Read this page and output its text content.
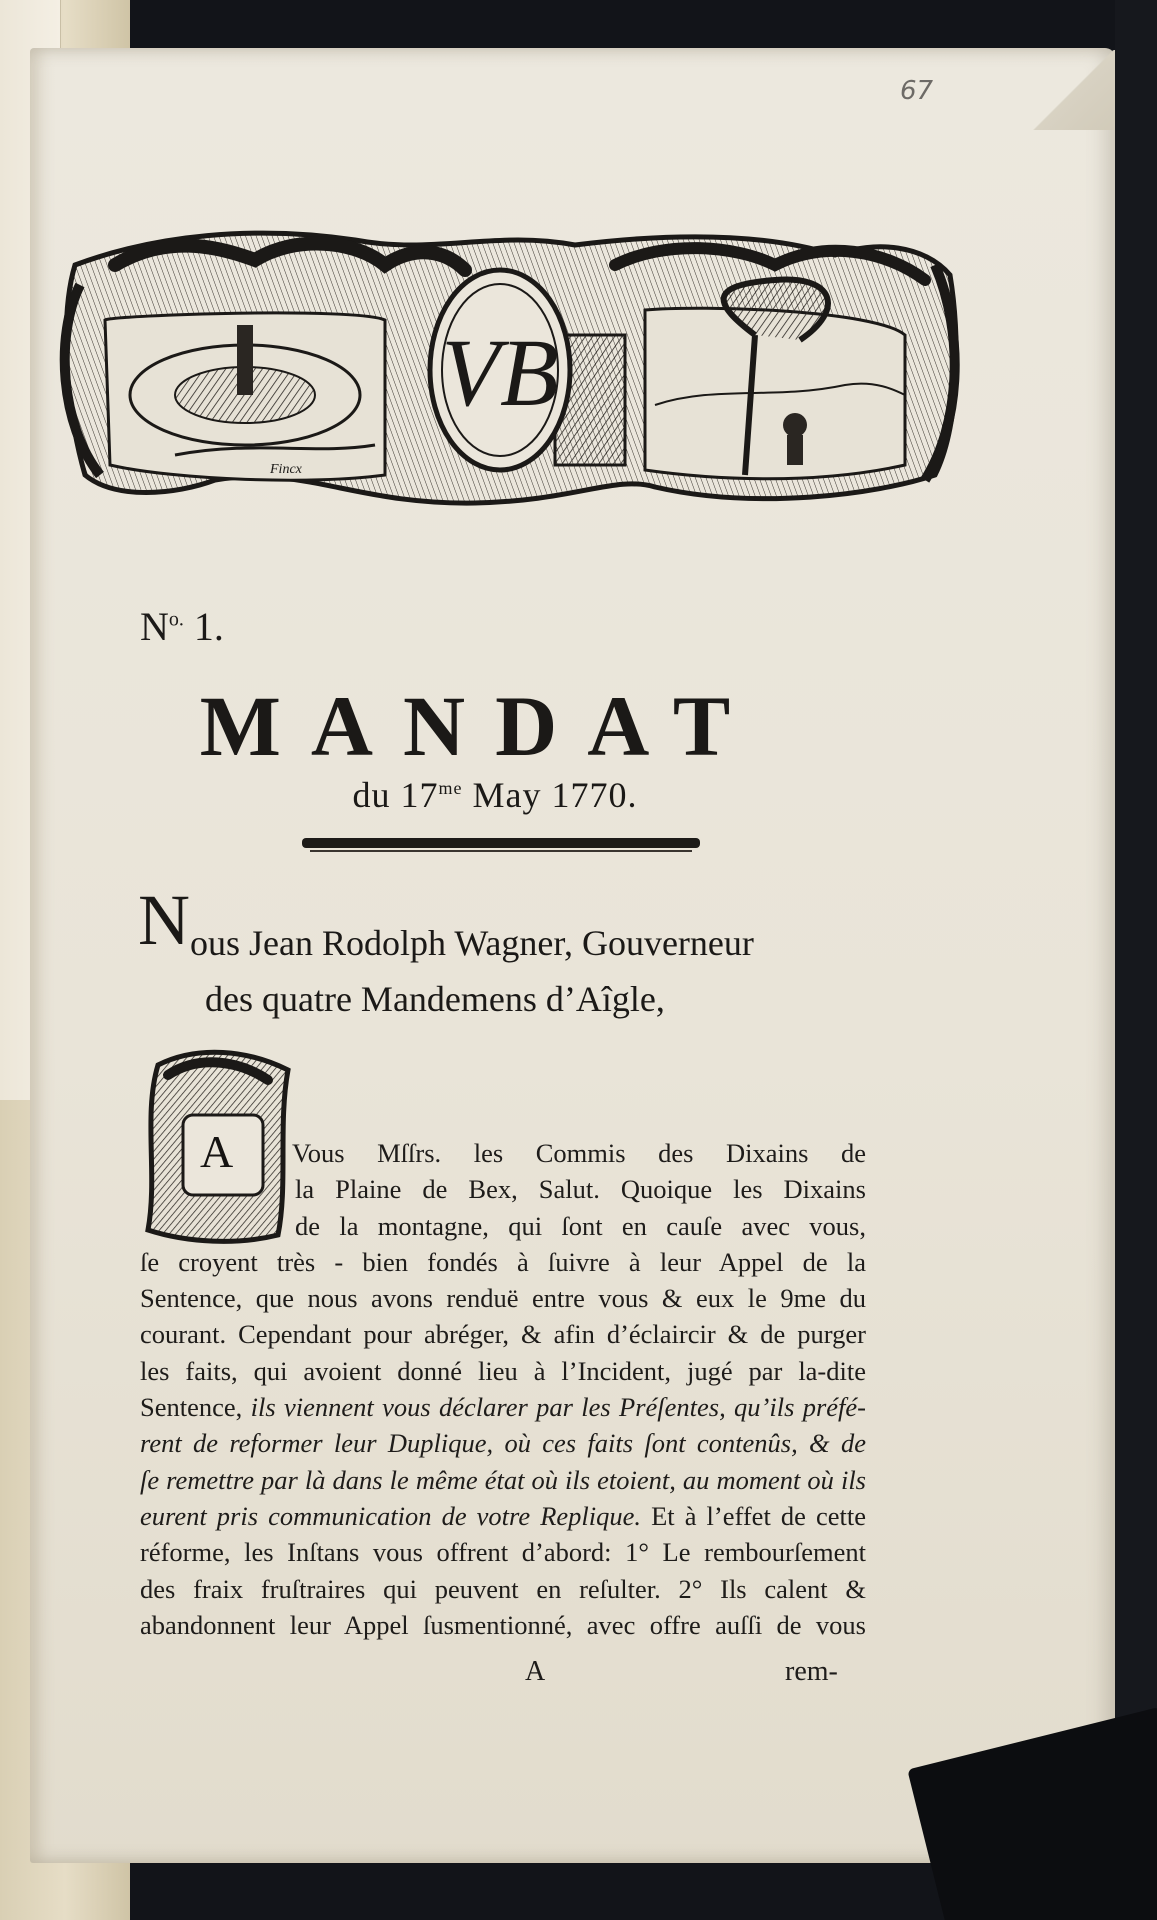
67
VB
Fincx
$N^{o.}$ 1.
MANDAT
du $17^{me}$ May 1770.
N ous Jean Rodolph Wagner, Gouverneur
des quatre Mandemens d’Aîgle,
A Vous Mſſrs. les Commis des Dixains de
la Plaine de Bex, Salut. Quoique les Dixains
de la montagne, qui ſont en cauſe avec vous,
ſe croyent très - bien fondés à ſuivre à leur Appel de la
Sentence, que nous avons renduë entre vous & eux le 9me du
courant. Cependant pour abréger, & afin d’éclaircir & de purger
les faits, qui avoient donné lieu à l’Incident, jugé par la-dite
Sentence, ils viennent vous déclarer par les Préſentes, qu’ils préfé-
rent de reformer leur Duplique, où ces faits ſont contenûs, & de
ſe remettre par là dans le même état où ils etoient, au moment où ils
eurent pris communication de votre Replique. Et à l’effet de cette
réforme, les Inſtans vous offrent d’abord: 1° Le rembourſement
des fraix fruſtraires qui peuvent en reſulter. 2° Ils calent &
abandonnent leur Appel ſusmentionné, avec offre auſſi de vous
A	rem-
